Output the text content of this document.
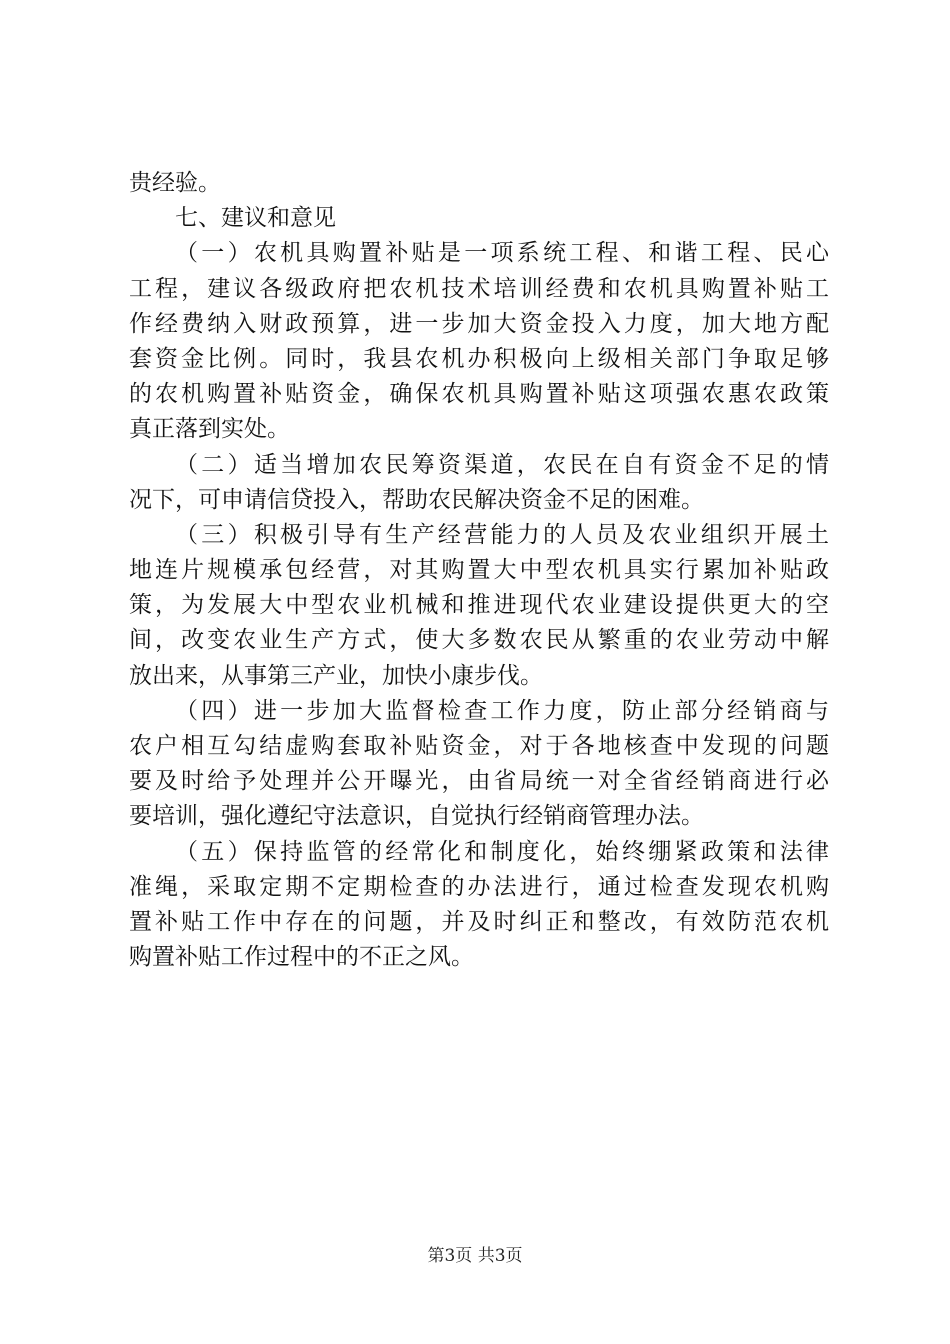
贵经验。
七、建议和意见
（一）农机具购置补贴是一项系统工程、和谐工程、民心
工程，建议各级政府把农机技术培训经费和农机具购置补贴工
作经费纳入财政预算，进一步加大资金投入力度，加大地方配
套资金比例。同时，我县农机办积极向上级相关部门争取足够
的农机购置补贴资金，确保农机具购置补贴这项强农惠农政策
真正落到实处。
（二）适当增加农民筹资渠道，农民在自有资金不足的情
况下，可申请信贷投入，帮助农民解决资金不足的困难。
（三）积极引导有生产经营能力的人员及农业组织开展土
地连片规模承包经营，对其购置大中型农机具实行累加补贴政
策，为发展大中型农业机械和推进现代农业建设提供更大的空
间，改变农业生产方式，使大多数农民从繁重的农业劳动中解
放出来，从事第三产业，加快小康步伐。
（四）进一步加大监督检查工作力度，防止部分经销商与
农户相互勾结虚购套取补贴资金，对于各地核查中发现的问题
要及时给予处理并公开曝光，由省局统一对全省经销商进行必
要培训，强化遵纪守法意识，自觉执行经销商管理办法。
（五）保持监管的经常化和制度化，始终绷紧政策和法律
准绳，采取定期不定期检查的办法进行，通过检查发现农机购
置补贴工作中存在的问题，并及时纠正和整改，有效防范农机
购置补贴工作过程中的不正之风。
第3页 共3页
